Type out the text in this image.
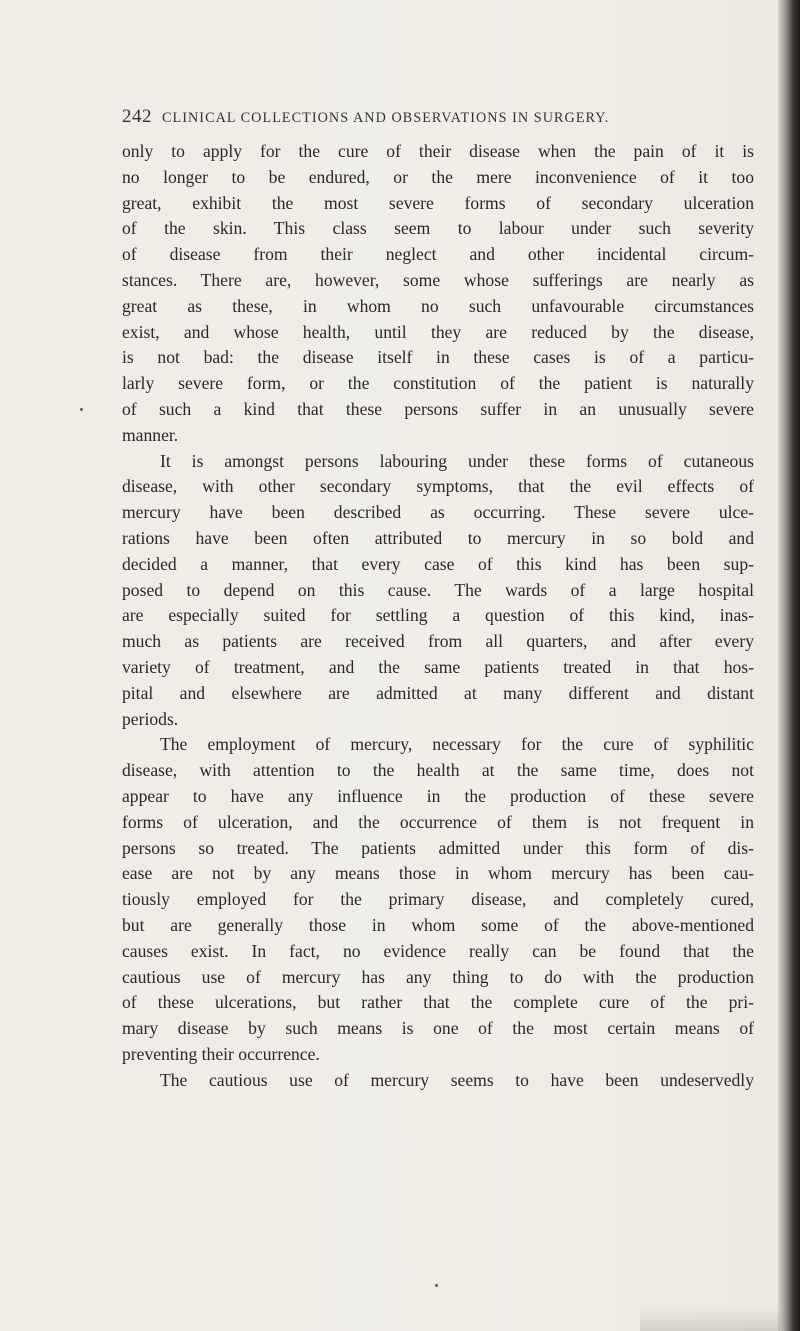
242 CLINICAL COLLECTIONS AND OBSERVATIONS IN SURGERY.
only to apply for the cure of their disease when the pain of it is
no longer to be endured, or the mere inconvenience of it too
great, exhibit the most severe forms of secondary ulceration
of the skin. This class seem to labour under such severity
of disease from their neglect and other incidental circum-
stances. There are, however, some whose sufferings are nearly as
great as these, in whom no such unfavourable circumstances
exist, and whose health, until they are reduced by the disease,
is not bad: the disease itself in these cases is of a particu-
larly severe form, or the constitution of the patient is naturally
of such a kind that these persons suffer in an unusually severe
manner.
It is amongst persons labouring under these forms of cutaneous
disease, with other secondary symptoms, that the evil effects of
mercury have been described as occurring. These severe ulce-
rations have been often attributed to mercury in so bold and
decided a manner, that every case of this kind has been sup-
posed to depend on this cause. The wards of a large hospital
are especially suited for settling a question of this kind, inas-
much as patients are received from all quarters, and after every
variety of treatment, and the same patients treated in that hos-
pital and elsewhere are admitted at many different and distant
periods.
The employment of mercury, necessary for the cure of syphilitic
disease, with attention to the health at the same time, does not
appear to have any influence in the production of these severe
forms of ulceration, and the occurrence of them is not frequent in
persons so treated. The patients admitted under this form of dis-
ease are not by any means those in whom mercury has been cau-
tiously employed for the primary disease, and completely cured,
but are generally those in whom some of the above-mentioned
causes exist. In fact, no evidence really can be found that the
cautious use of mercury has any thing to do with the production
of these ulcerations, but rather that the complete cure of the pri-
mary disease by such means is one of the most certain means of
preventing their occurrence.
The cautious use of mercury seems to have been undeservedly
